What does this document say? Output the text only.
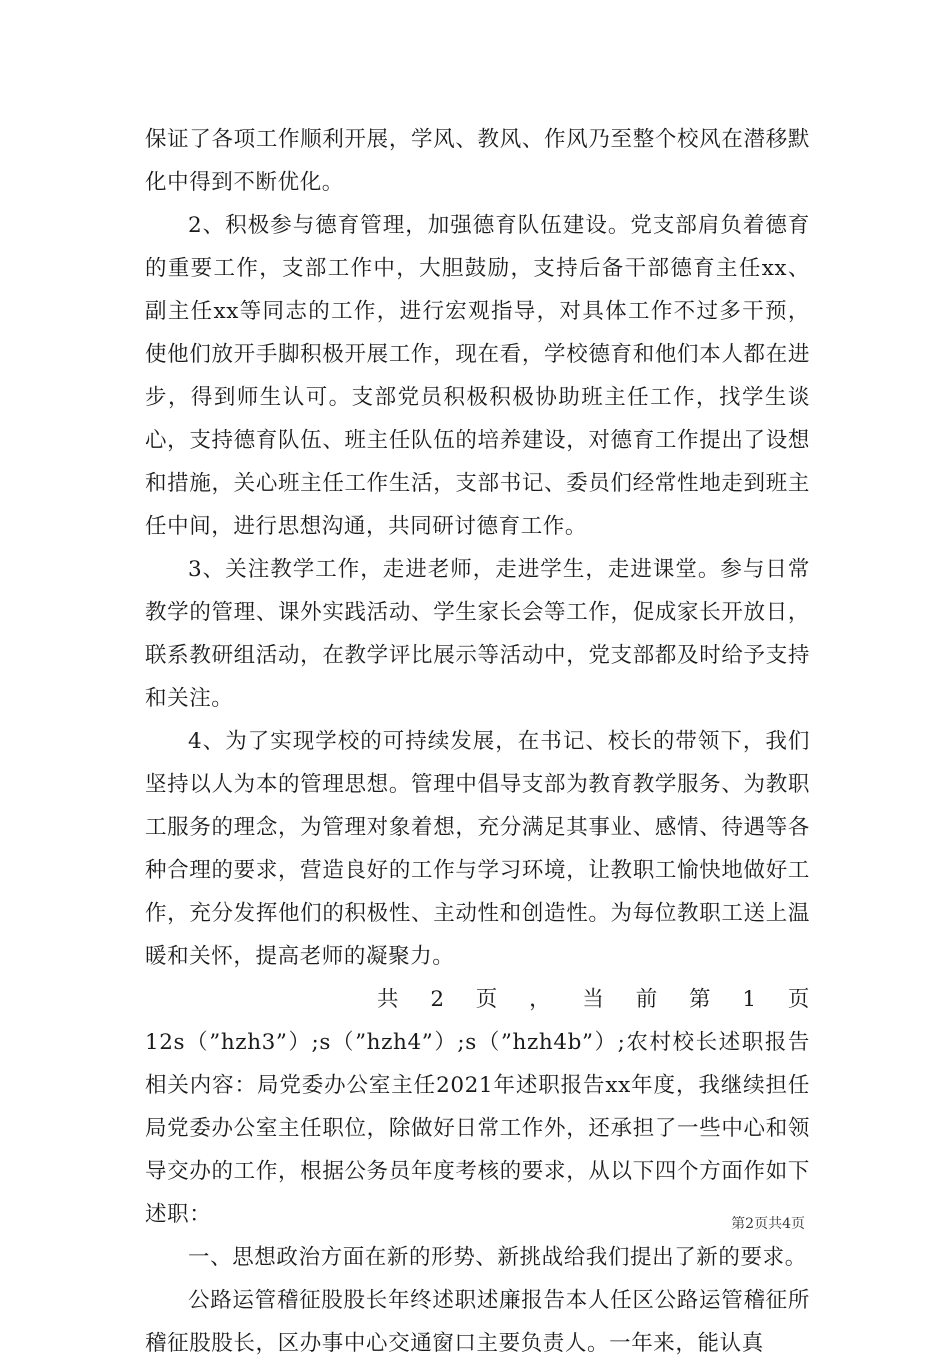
保证了各项工作顺利开展，学风、教风、作风乃至整个校风在潜移默化中得到不断优化。

2、积极参与德育管理，加强德育队伍建设。党支部肩负着德育的重要工作，支部工作中，大胆鼓励，支持后备干部德育主任xx、副主任xx等同志的工作，进行宏观指导，对具体工作不过多干预，使他们放开手脚积极开展工作，现在看，学校德育和他们本人都在进步，得到师生认可。支部党员积极积极协助班主任工作，找学生谈心，支持德育队伍、班主任队伍的培养建设，对德育工作提出了设想和措施，关心班主任工作生活，支部书记、委员们经常性地走到班主任中间，进行思想沟通，共同研讨德育工作。

3、关注教学工作，走进老师，走进学生，走进课堂。参与日常教学的管理、课外实践活动、学生家长会等工作，促成家长开放日，联系教研组活动，在教学评比展示等活动中，党支部都及时给予支持和关注。

4、为了实现学校的可持续发展，在书记、校长的带领下，我们坚持以人为本的管理思想。管理中倡导支部为教育教学服务、为教职工服务的理念，为管理对象着想，充分满足其事业、感情、待遇等各种合理的要求，营造良好的工作与学习环境，让教职工愉快地做好工作，充分发挥他们的积极性、主动性和创造性。为每位教职工送上温暖和关怀，提高老师的凝聚力。

共 2 页 ， 当 前 第 1 页

12s（”hzh3”）;s（”hzh4”）;s（”hzh4b”）;农村校长述职报告相关内容：局党委办公室主任2021年述职报告xx年度，我继续担任局党委办公室主任职位，除做好日常工作外，还承担了一些中心和领导交办的工作，根据公务员年度考核的要求，从以下四个方面作如下述职：

一、思想政治方面在新的形势、新挑战给我们提出了新的要求。

公路运管稽征股股长年终述职述廉报告本人任区公路运管稽征所稽征股股长，区办事中心交通窗口主要负责人。一年来，能认真

第2页共4页
